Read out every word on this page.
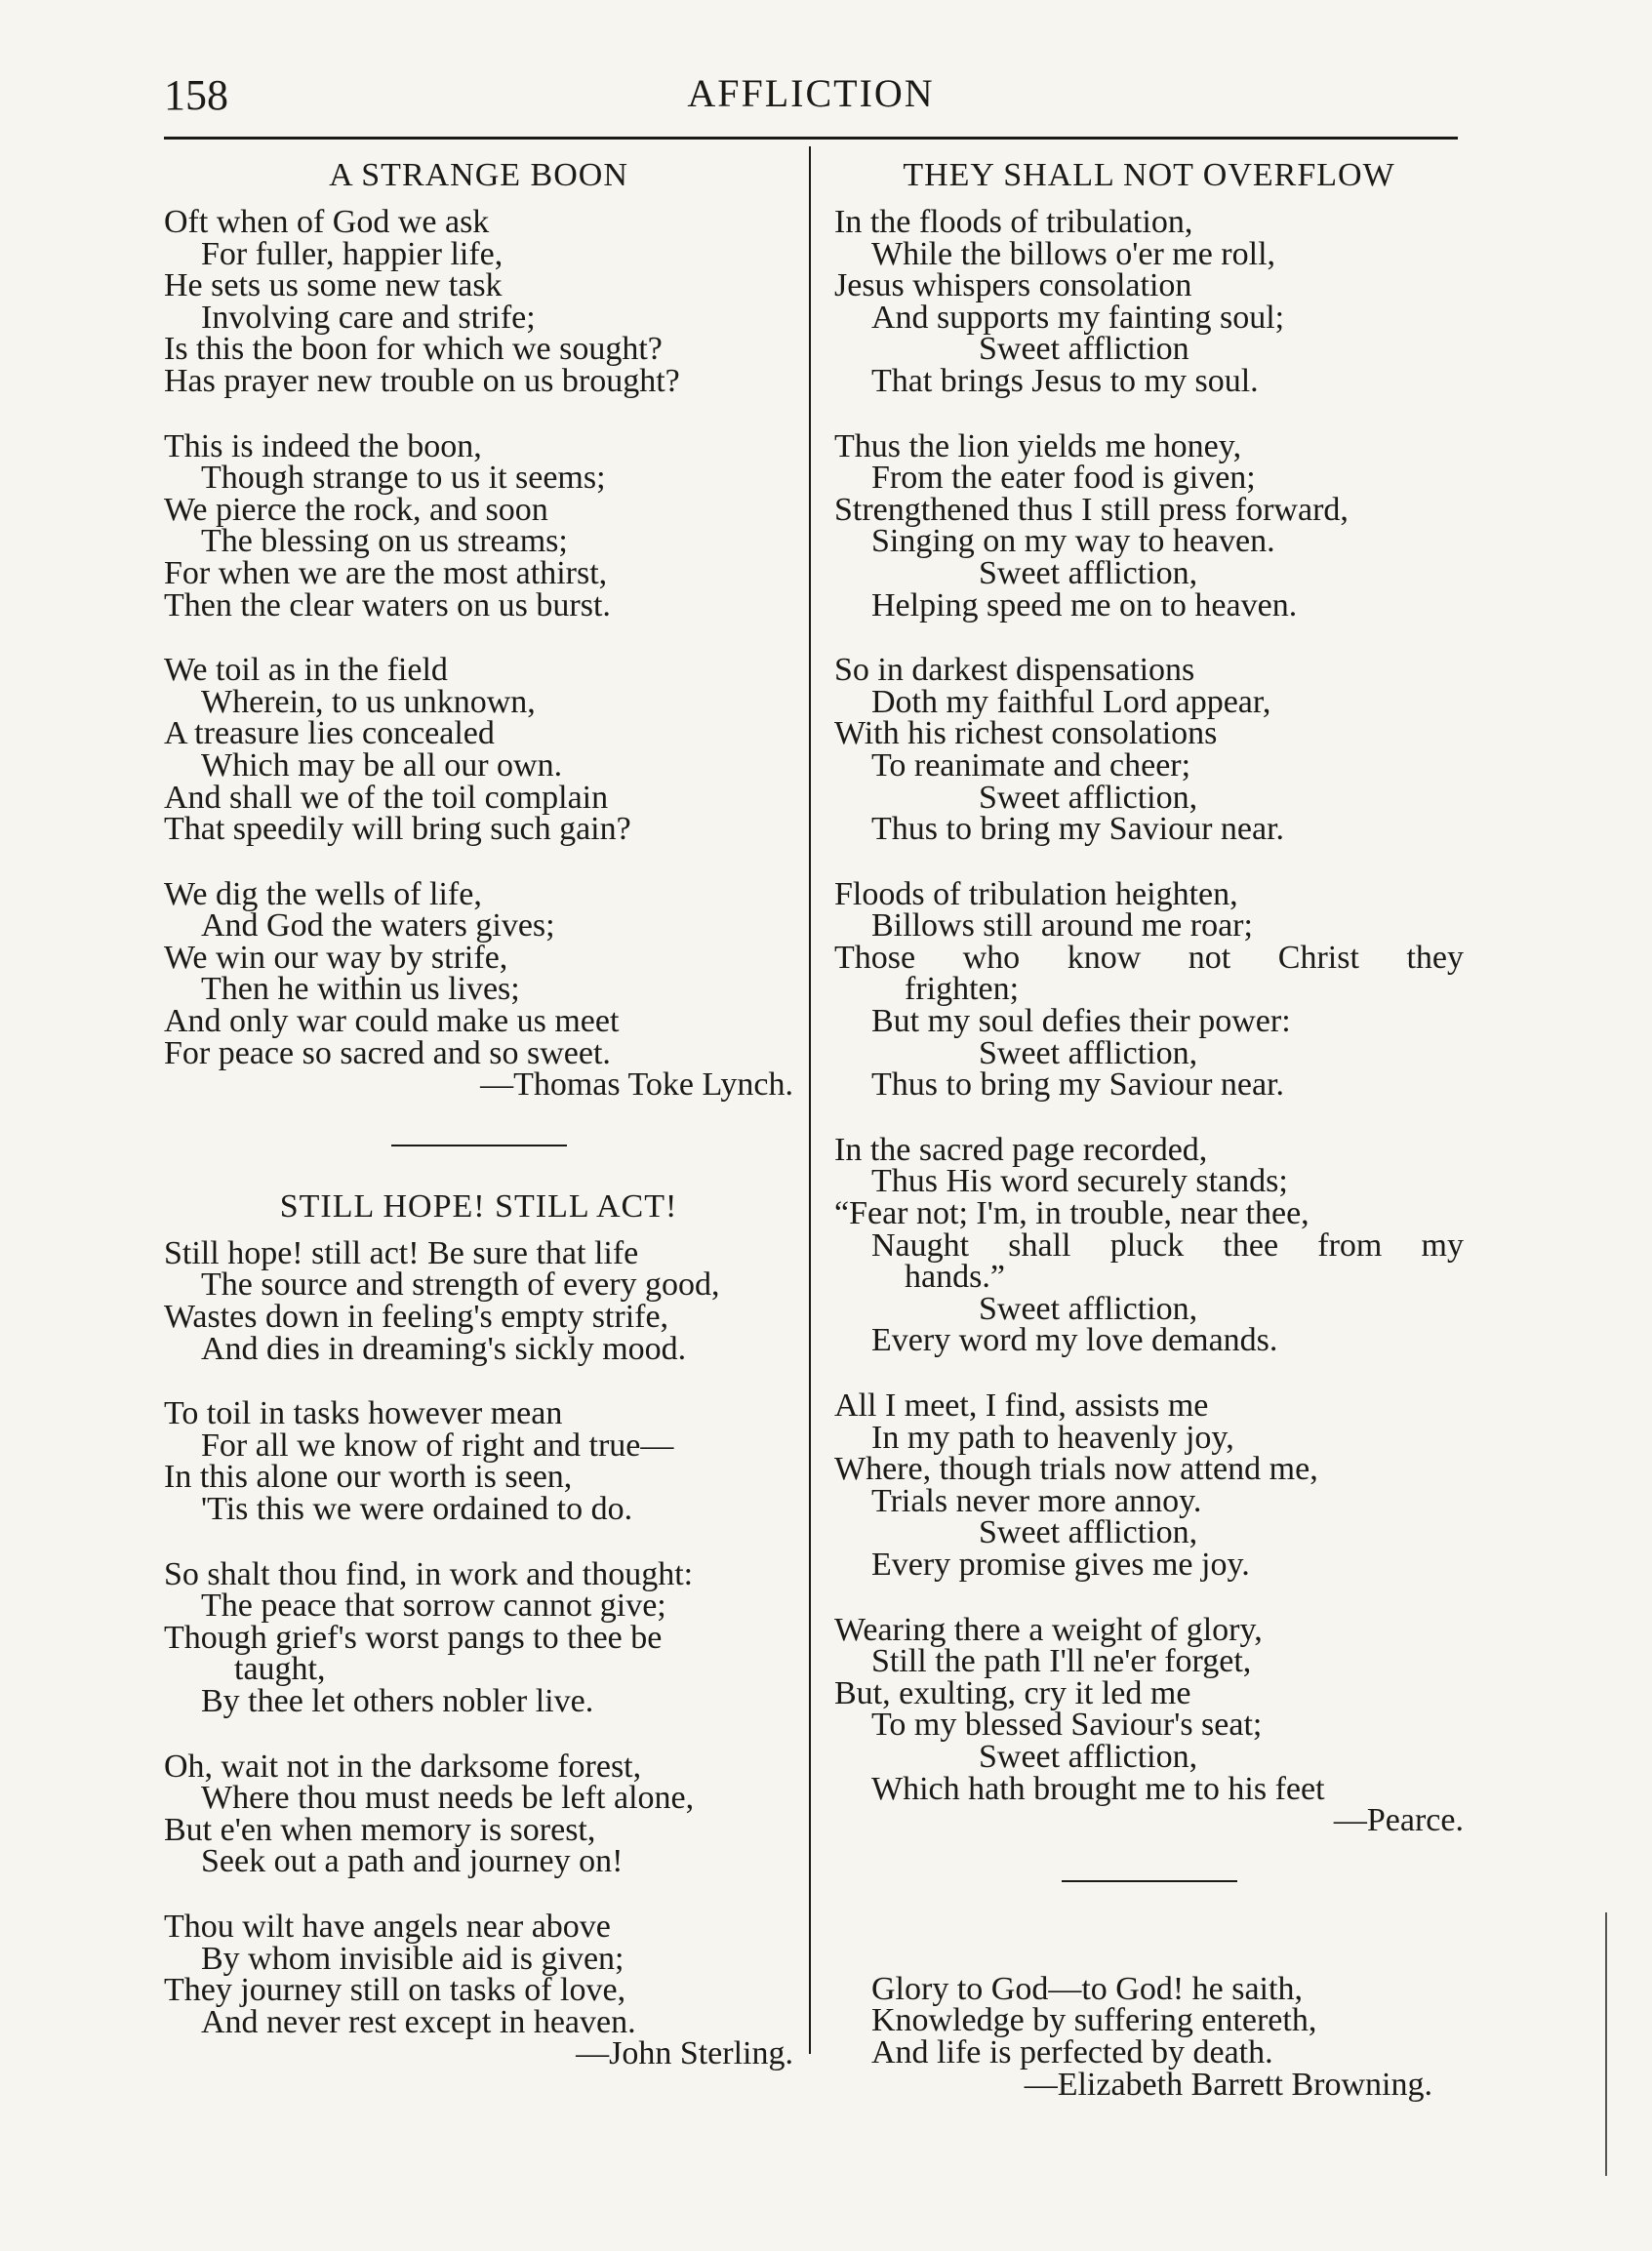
158	AFFLICTION
A STRANGE BOON
Oft when of God we ask
For fuller, happier life,
He sets us some new task
Involving care and strife;
Is this the boon for which we sought?
Has prayer new trouble on us brought?
This is indeed the boon,
Though strange to us it seems;
We pierce the rock, and soon
The blessing on us streams;
For when we are the most athirst,
Then the clear waters on us burst.
We toil as in the field
Wherein, to us unknown,
A treasure lies concealed
Which may be all our own.
And shall we of the toil complain
That speedily will bring such gain?
We dig the wells of life,
And God the waters gives;
We win our way by strife,
Then he within us lives;
And only war could make us meet
For peace so sacred and so sweet.
—Thomas Toke Lynch.
STILL HOPE! STILL ACT!
Still hope! still act! Be sure that life
The source and strength of every good,
Wastes down in feeling's empty strife,
And dies in dreaming's sickly mood.
To toil in tasks however mean
For all we know of right and true—
In this alone our worth is seen,
'Tis this we were ordained to do.
So shalt thou find, in work and thought:
The peace that sorrow cannot give;
Though grief's worst pangs to thee be
taught,
By thee let others nobler live.
Oh, wait not in the darksome forest,
Where thou must needs be left alone,
But e'en when memory is sorest,
Seek out a path and journey on!
Thou wilt have angels near above
By whom invisible aid is given;
They journey still on tasks of love,
And never rest except in heaven.
—John Sterling.
THEY SHALL NOT OVERFLOW
In the floods of tribulation,
While the billows o'er me roll,
Jesus whispers consolation
And supports my fainting soul;
Sweet affliction
That brings Jesus to my soul.
Thus the lion yields me honey,
From the eater food is given;
Strengthened thus I still press forward,
Singing on my way to heaven.
Sweet affliction,
Helping speed me on to heaven.
So in darkest dispensations
Doth my faithful Lord appear,
With his richest consolations
To reanimate and cheer;
Sweet affliction,
Thus to bring my Saviour near.
Floods of tribulation heighten,
Billows still around me roar;
Those who know not Christ they
frighten;
But my soul defies their power:
Sweet affliction,
Thus to bring my Saviour near.
In the sacred page recorded,
Thus His word securely stands;
“Fear not; I'm, in trouble, near thee,
Naught shall pluck thee from my
hands.”
Sweet affliction,
Every word my love demands.
All I meet, I find, assists me
In my path to heavenly joy,
Where, though trials now attend me,
Trials never more annoy.
Sweet affliction,
Every promise gives me joy.
Wearing there a weight of glory,
Still the path I'll ne'er forget,
But, exulting, cry it led me
To my blessed Saviour's seat;
Sweet affliction,
Which hath brought me to his feet
—Pearce.
Glory to God—to God! he saith,
Knowledge by suffering entereth,
And life is perfected by death.
—Elizabeth Barrett Browning.
